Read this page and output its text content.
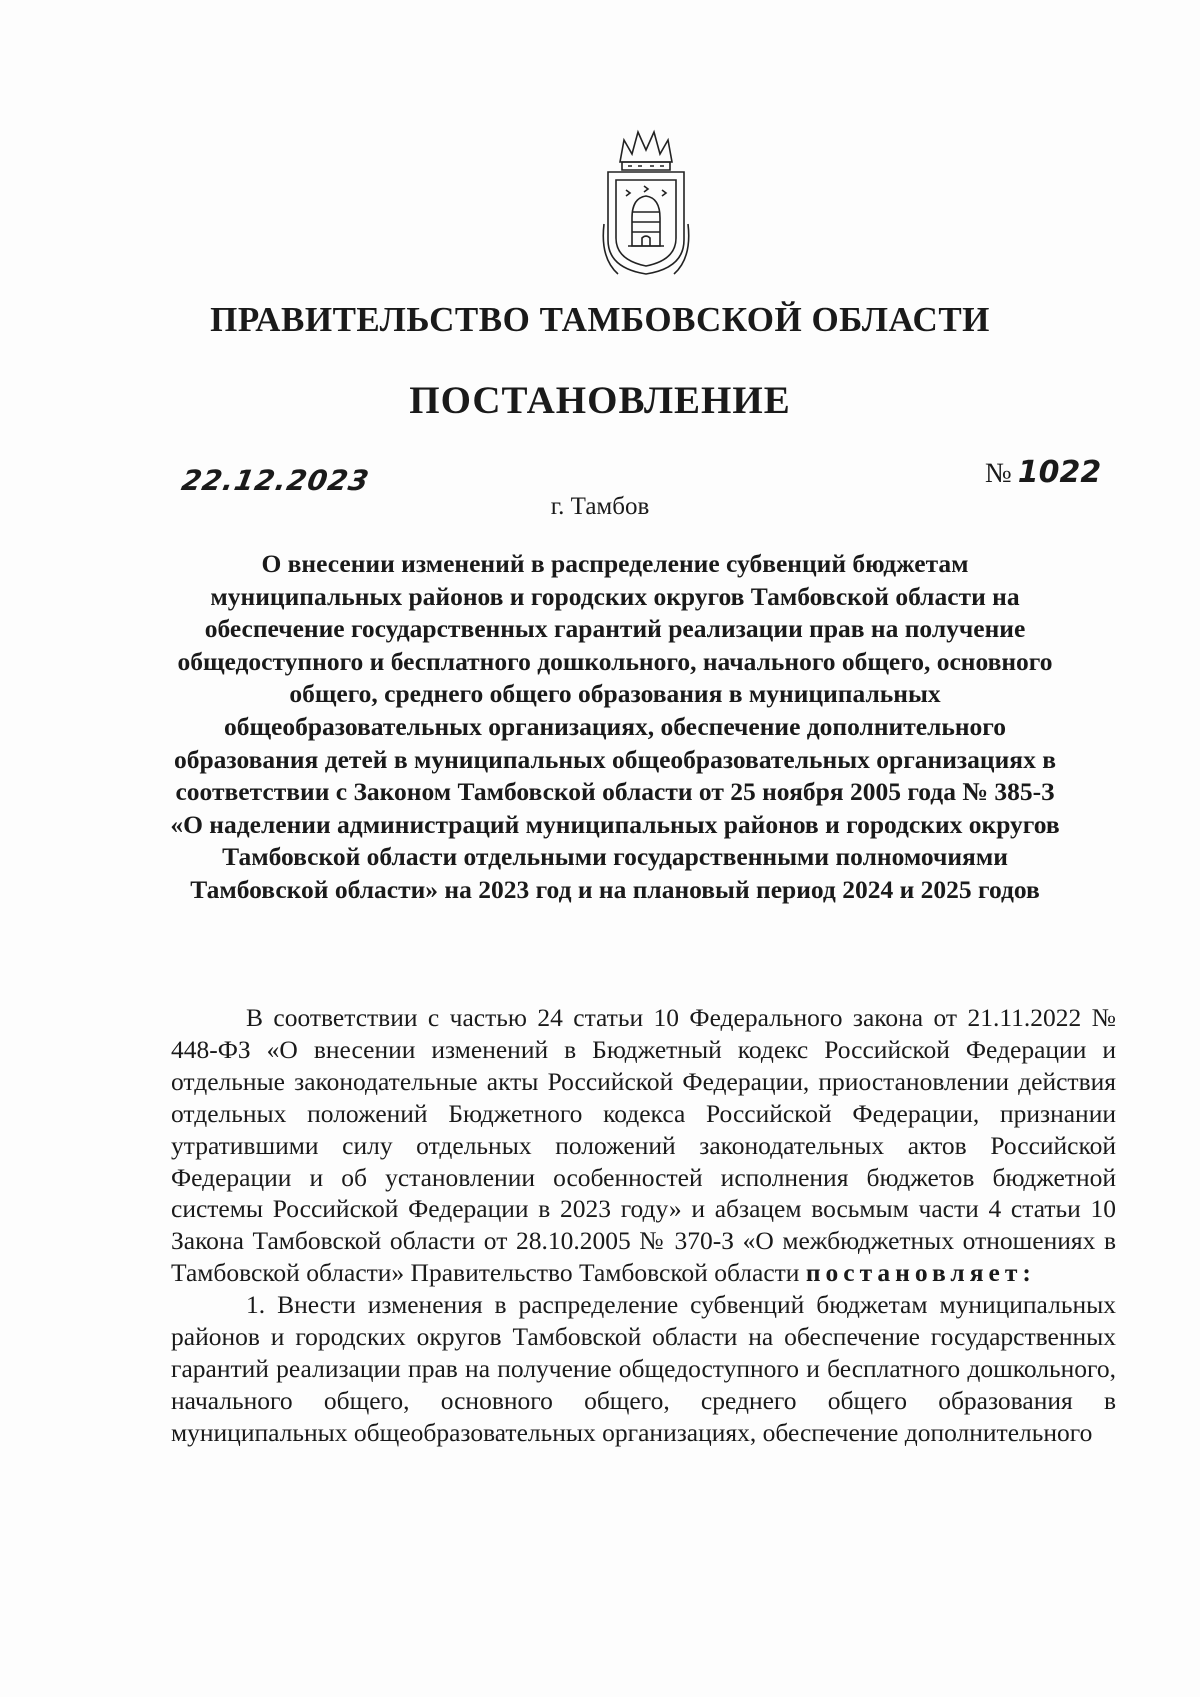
ПРАВИТЕЛЬСТВО ТАМБОВСКОЙ ОБЛАСТИ
ПОСТАНОВЛЕНИЕ
22.12.2023	№ 1022
г. Тамбов
О внесении изменений в распределение субвенций бюджетам муниципальных районов и городских округов Тамбовской области на обеспечение государственных гарантий реализации прав на получение общедоступного и бесплатного дошкольного, начального общего, основного общего, среднего общего образования в муниципальных общеобразовательных организациях, обеспечение дополнительного образования детей в муниципальных общеобразовательных организациях в соответствии с Законом Тамбовской области от 25 ноября 2005 года № 385-З «О наделении администраций муниципальных районов и городских округов Тамбовской области отдельными государственными полномочиями Тамбовской области» на 2023 год и на плановый период 2024 и 2025 годов

В соответствии с частью 24 статьи 10 Федерального закона от 21.11.2022 № 448-ФЗ «О внесении изменений в Бюджетный кодекс Российской Федерации и отдельные законодательные акты Российской Федерации, приостановлении действия отдельных положений Бюджетного кодекса Российской Федерации, признании утратившими силу отдельных положений законодательных актов Российской Федерации и об установлении особенностей исполнения бюджетов бюджетной системы Российской Федерации в 2023 году» и абзацем восьмым части 4 статьи 10 Закона Тамбовской области от 28.10.2005 № 370-З «О межбюджетных отношениях в Тамбовской области» Правительство Тамбовской области постановляет:

1. Внести изменения в распределение субвенций бюджетам муниципальных районов и городских округов Тамбовской области на обеспечение государственных гарантий реализации прав на получение общедоступного и бесплатного дошкольного, начального общего, основного общего, среднего общего образования в муниципальных общеобразовательных организациях, обеспечение дополнительного
